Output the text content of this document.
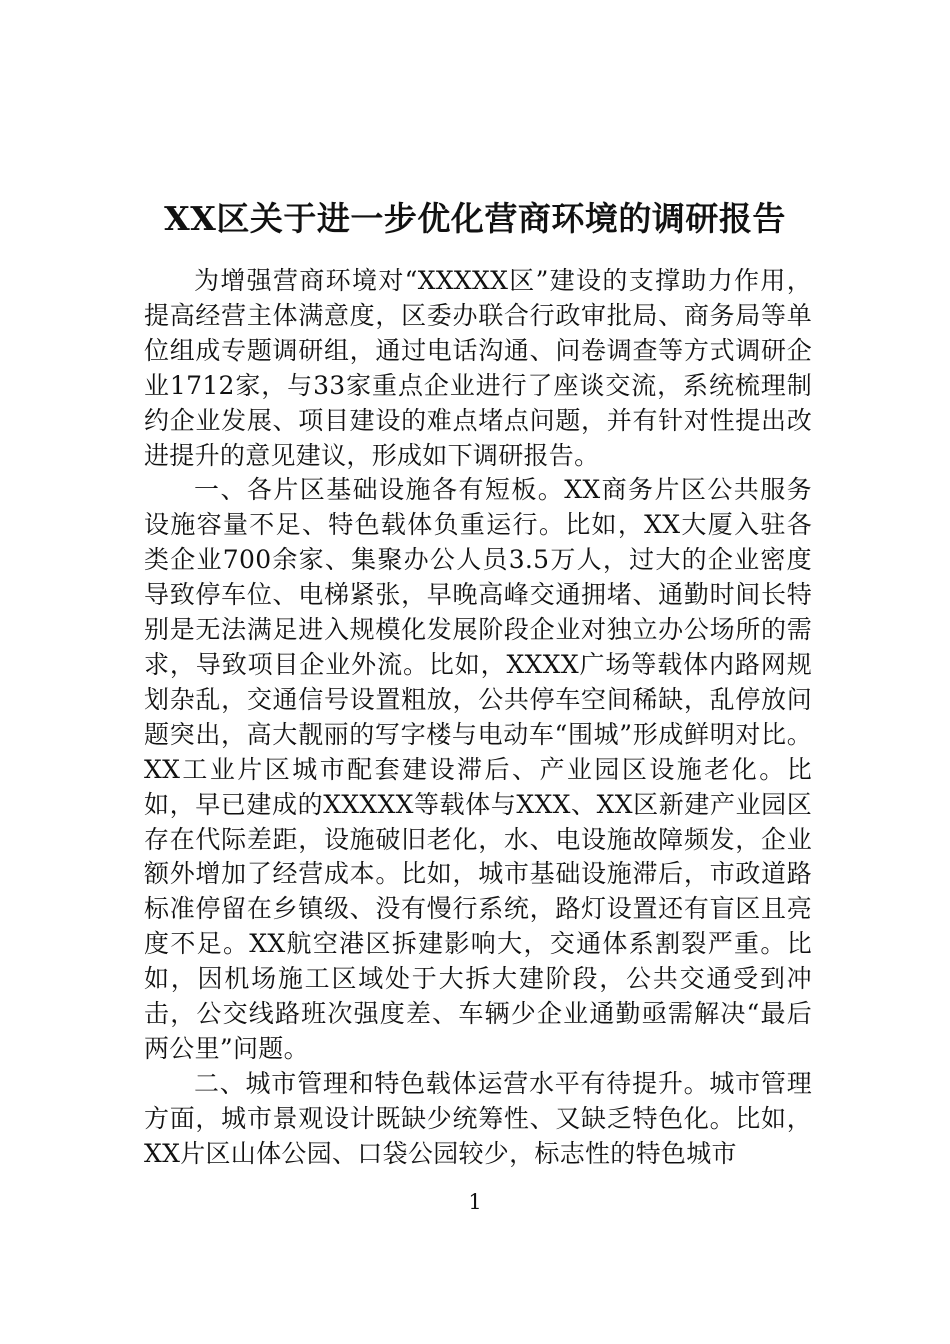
XX区关于进一步优化营商环境的调研报告

为增强营商环境对“XXXXX区”建设的支撑助力作用，提高经营主体满意度，区委办联合行政审批局、商务局等单位组成专题调研组，通过电话沟通、问卷调查等方式调研企业1712家，与33家重点企业进行了座谈交流，系统梳理制约企业发展、项目建设的难点堵点问题，并有针对性提出改进提升的意见建议，形成如下调研报告。

一、各片区基础设施各有短板。XX商务片区公共服务设施容量不足、特色载体负重运行。比如，XX大厦入驻各类企业700余家、集聚办公人员3.5万人，过大的企业密度导致停车位、电梯紧张，早晚高峰交通拥堵、通勤时间长特别是无法满足进入规模化发展阶段企业对独立办公场所的需求，导致项目企业外流。比如，XXXX广场等载体内路网规划杂乱，交通信号设置粗放，公共停车空间稀缺，乱停放问题突出，高大靓丽的写字楼与电动车“围城”形成鲜明对比。XX工业片区城市配套建设滞后、产业园区设施老化。比如，早已建成的XXXXX等载体与XXX、XX区新建产业园区存在代际差距，设施破旧老化，水、电设施故障频发，企业额外增加了经营成本。比如，城市基础设施滞后，市政道路标准停留在乡镇级、没有慢行系统，路灯设置还有盲区且亮度不足。XX航空港区拆建影响大，交通体系割裂严重。比如，因机场施工区域处于大拆大建阶段，公共交通受到冲击，公交线路班次强度差、车辆少企业通勤亟需解决“最后两公里”问题。

二、城市管理和特色载体运营水平有待提升。城市管理方面，城市景观设计既缺少统筹性、又缺乏特色化。比如，XX片区山体公园、口袋公园较少，标志性的特色城市

1
